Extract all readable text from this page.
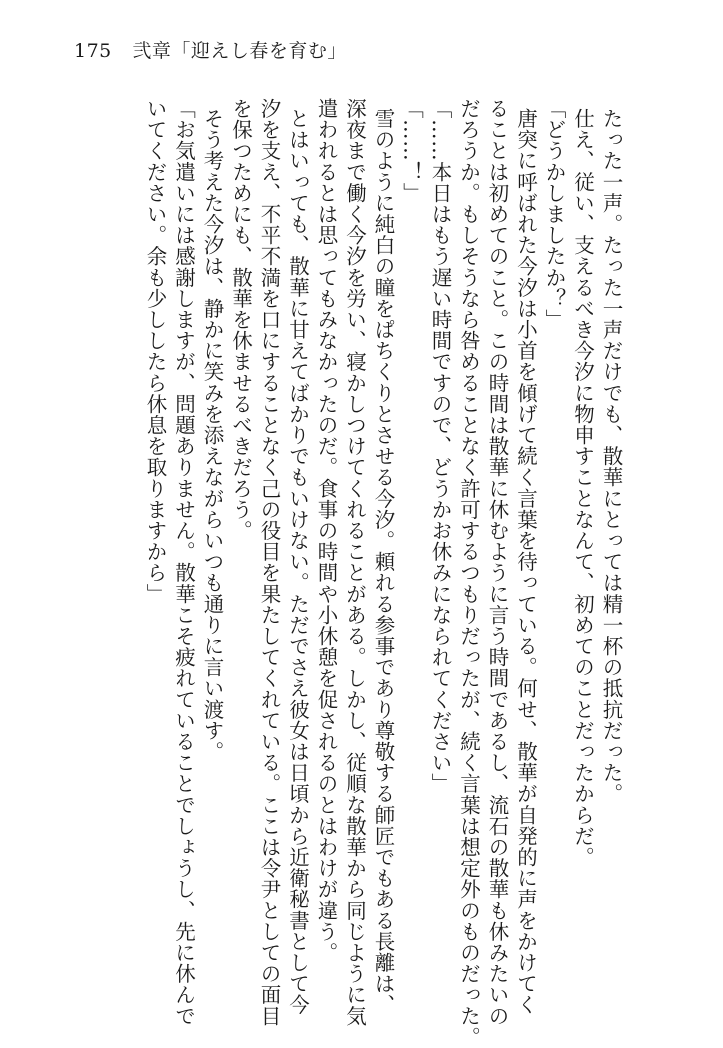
175 弐章「迎えし春を育む」
たった一声。たった一声だけでも、散華にとっては精一杯の抵抗だった。
仕え、従い、支えるべき今汐に物申すことなんて、初めてのことだったからだ。
「どうかしましたか？」
唐突に呼ばれた今汐は小首を傾げて続く言葉を待っている。何せ、散華が自発的に声をかけてく
ることは初めてのこと。この時間は散華に休むように言う時間であるし、流石の散華も休みたいの
だろうか。もしそうなら咎めることなく許可するつもりだったが、続く言葉は想定外のものだった。
「……本日はもう遅い時間ですので、どうかお休みになられてください」
「……！」
雪のように純白の瞳をぱちくりとさせる今汐。頼れる参事であり尊敬する師匠でもある長離は、
深夜まで働く今汐を労い、寝かしつけてくれることがある。しかし、従順な散華から同じように気
遣われるとは思ってもみなかったのだ。食事の時間や小休憩を促されるのとはわけが違う。
とはいっても、散華に甘えてばかりでもいけない。ただでさえ彼女は日頃から近衛秘書として今
汐を支え、不平不満を口にすることなく己の役目を果たしてくれている。ここは令尹としての面目
を保つためにも、散華を休ませるべきだろう。
そう考えた今汐は、静かに笑みを添えながらいつも通りに言い渡す。
「お気遣いには感謝しますが、問題ありません。散華こそ疲れていることでしょうし、先に休んで
いてください。余も少ししたら休息を取りますから」
